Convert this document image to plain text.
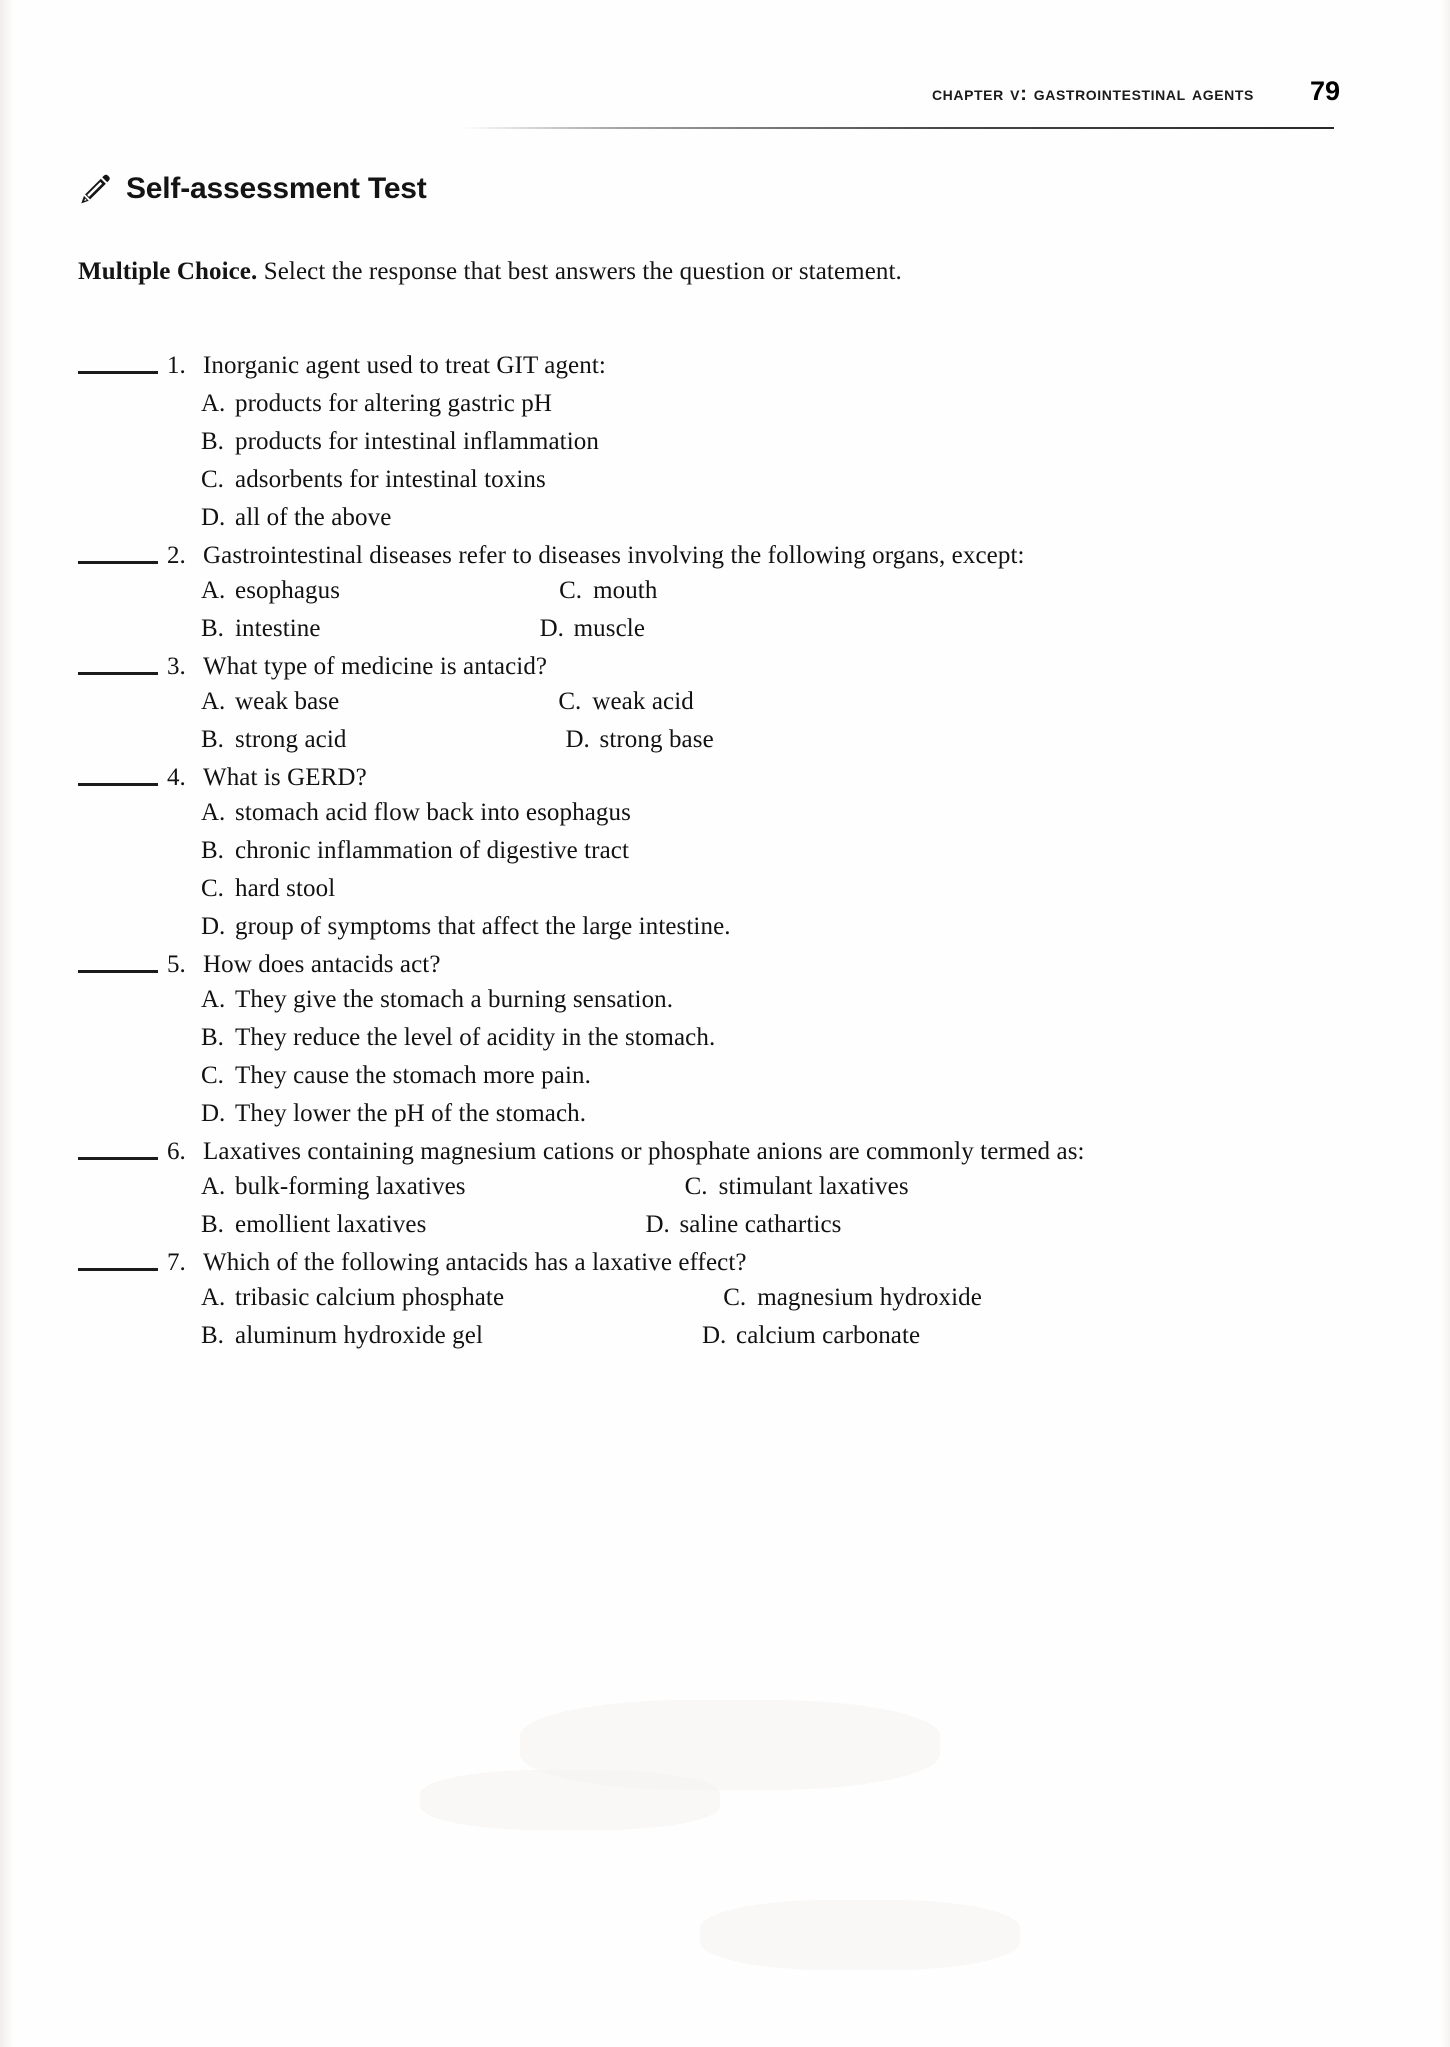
chapter v: gastrointestinal agents 79
Self-assessment Test
Multiple Choice. Select the response that best answers the question or statement.
1. Inorganic agent used to treat GIT agent:
A. products for altering gastric pH
B. products for intestinal inflammation
C. adsorbents for intestinal toxins
D. all of the above
2. Gastrointestinal diseases refer to diseases involving the following organs, except:
A. esophagus	C. mouth
B. intestine	D. muscle
3. What type of medicine is antacid?
A. weak base	C. weak acid
B. strong acid	D. strong base
4. What is GERD?
A. stomach acid flow back into esophagus
B. chronic inflammation of digestive tract
C. hard stool
D. group of symptoms that affect the large intestine.
5. How does antacids act?
A. They give the stomach a burning sensation.
B. They reduce the level of acidity in the stomach.
C. They cause the stomach more pain.
D. They lower the pH of the stomach.
6. Laxatives containing magnesium cations or phosphate anions are commonly termed as:
A. bulk-forming laxatives	C. stimulant laxatives
B. emollient laxatives	D. saline cathartics
7. Which of the following antacids has a laxative effect?
A. tribasic calcium phosphate	C. magnesium hydroxide
B. aluminum hydroxide gel	D. calcium carbonate
